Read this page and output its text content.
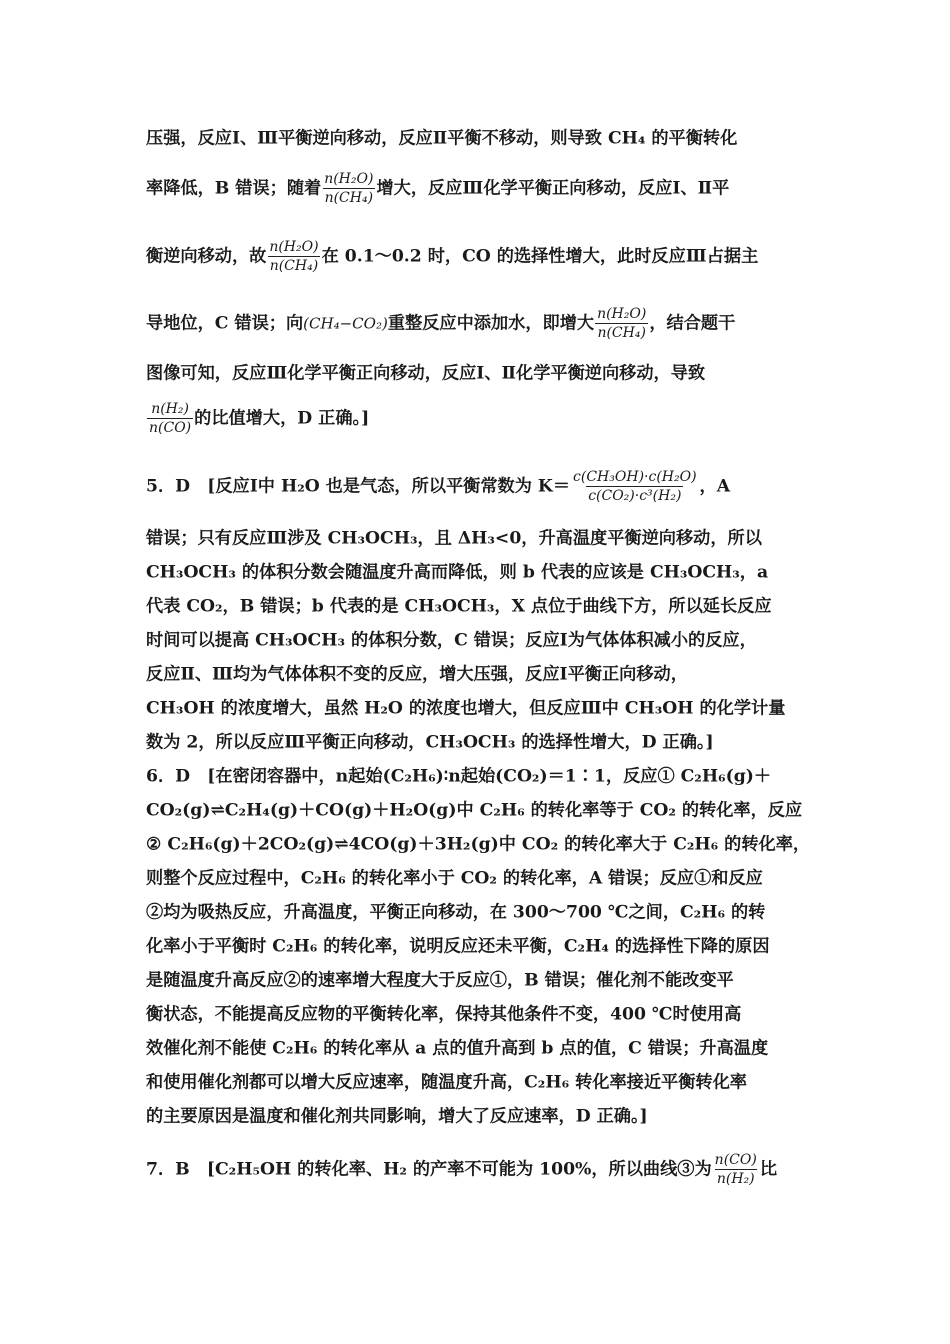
压强，反应Ⅰ、Ⅲ平衡逆向移动，反应Ⅱ平衡不移动，则导致 CH₄ 的平衡转化
率降低，B 错误；随着 $\frac{\text{n(H₂O)}}{\text{n(CH₄)}}$ 增大，反应Ⅲ化学平衡正向移动，反应Ⅰ、Ⅱ平
衡逆向移动，故 $\frac{\text{n(H₂O)}}{\text{n(CH₄)}}$ 在 0.1～0.2 时，CO 的选择性增大，此时反应Ⅲ占据主
导地位，C 错误；向(CH₄−CO₂)重整反应中添加水，即增大 $\frac{\text{n(H₂O)}}{\text{n(CH₄)}}$ ，结合题干
图像可知，反应Ⅲ化学平衡正向移动，反应Ⅰ、Ⅱ化学平衡逆向移动，导致
$\frac{\text{n(H₂)}}{n(CO)}$ 的比值增大，D 正确。]
5．D　[反应Ⅰ中 H₂O 也是气态，所以平衡常数为 $K= \frac{\text{c(CH₃OH)·c(H₂O)}}{\text{c(CO₂)·c³(H₂)}}$ ，A
错误；只有反应Ⅲ涉及 CH₃OCH₃，且 ΔH₃<0，升高温度平衡逆向移动，所以
CH₃OCH₃ 的体积分数会随温度升高而降低，则 b 代表的应该是 CH₃OCH₃，a
代表 CO₂，B 错误；b 代表的是 CH₃OCH₃，X 点位于曲线下方，所以延长反应
时间可以提高 CH₃OCH₃ 的体积分数，C 错误；反应Ⅰ为气体体积减小的反应，
反应Ⅱ、Ⅲ均为气体体积不变的反应，增大压强，反应Ⅰ平衡正向移动，
CH₃OH 的浓度增大，虽然 H₂O 的浓度也增大，但反应Ⅲ中 CH₃OH 的化学计量
数为 2，所以反应Ⅲ平衡正向移动，CH₃OCH₃ 的选择性增大，D 正确。]
6．D　[在密闭容器中，n起始(C₂H₆)∶n起始(CO₂)＝1∶1，反应① C₂H₆(g)＋
CO₂(g)⇌C₂H₄(g)＋CO(g)＋H₂O(g)中 C₂H₆ 的转化率等于 CO₂ 的转化率，反应
② C₂H₆(g)＋2CO₂(g)⇌4CO(g)＋3H₂(g)中 CO₂ 的转化率大于 C₂H₆ 的转化率，
则整个反应过程中，C₂H₆ 的转化率小于 CO₂ 的转化率，A 错误；反应①和反应
②均为吸热反应，升高温度，平衡正向移动，在 300～700 ℃之间，C₂H₆ 的转
化率小于平衡时 C₂H₆ 的转化率，说明反应还未平衡，C₂H₄ 的选择性下降的原因
是随温度升高反应②的速率增大程度大于反应①，B 错误；催化剂不能改变平
衡状态，不能提高反应物的平衡转化率，保持其他条件不变，400 ℃时使用高
效催化剂不能使 C₂H₆ 的转化率从 a 点的值升高到 b 点的值，C 错误；升高温度
和使用催化剂都可以增大反应速率，随温度升高，C₂H₆ 转化率接近平衡转化率
的主要原因是温度和催化剂共同影响，增大了反应速率，D 正确。]
7．B　[C₂H₅OH 的转化率、H₂ 的产率不可能为 100%，所以曲线③为 $\frac{n(CO)}{\text{n(H₂)}}$ 比
